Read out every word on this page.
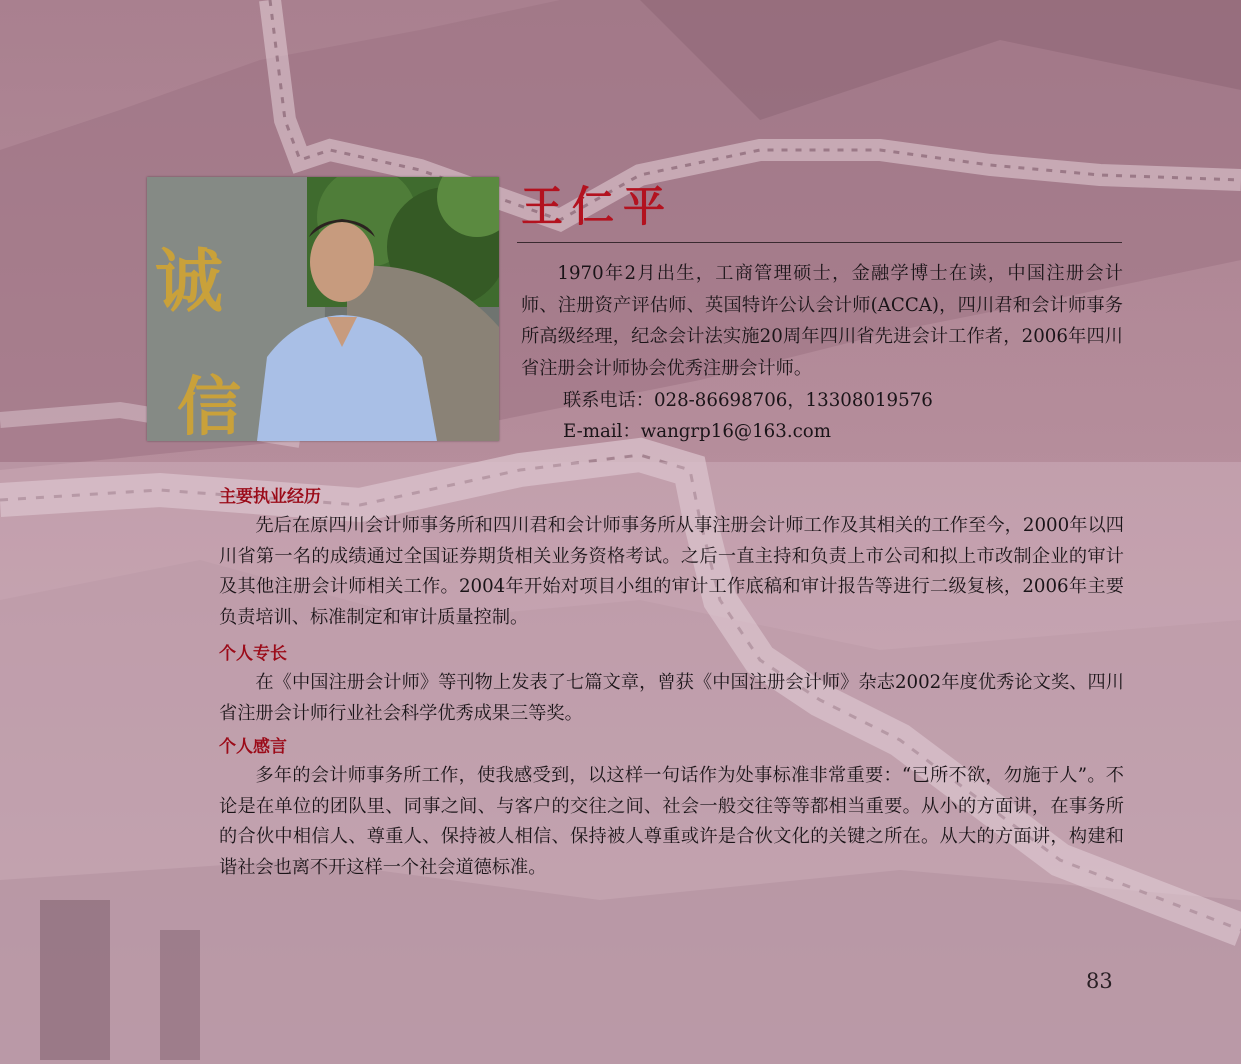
诚
信
王仁平

1970年2月出生，工商管理硕士，金融学博士在读，中国注册会计师、注册资产评估师、英国特许公认会计师(ACCA)，四川君和会计师事务所高级经理，纪念会计法实施20周年四川省先进会计工作者，2006年四川省注册会计师协会优秀注册会计师。

联系电话：028-86698706，13308019576
E-mail：wangrp16@163.com

主要执业经历

先后在原四川会计师事务所和四川君和会计师事务所从事注册会计师工作及其相关的工作至今，2000年以四川省第一名的成绩通过全国证券期货相关业务资格考试。之后一直主持和负责上市公司和拟上市改制企业的审计及其他注册会计师相关工作。2004年开始对项目小组的审计工作底稿和审计报告等进行二级复核，2006年主要负责培训、标准制定和审计质量控制。

个人专长

在《中国注册会计师》等刊物上发表了七篇文章，曾获《中国注册会计师》杂志2002年度优秀论文奖、四川省注册会计师行业社会科学优秀成果三等奖。

个人感言

多年的会计师事务所工作，使我感受到，以这样一句话作为处事标准非常重要：“已所不欲，勿施于人”。不论是在单位的团队里、同事之间、与客户的交往之间、社会一般交往等等都相当重要。从小的方面讲，在事务所的合伙中相信人、尊重人、保持被人相信、保持被人尊重或许是合伙文化的关键之所在。从大的方面讲，构建和谐社会也离不开这样一个社会道德标准。

83
